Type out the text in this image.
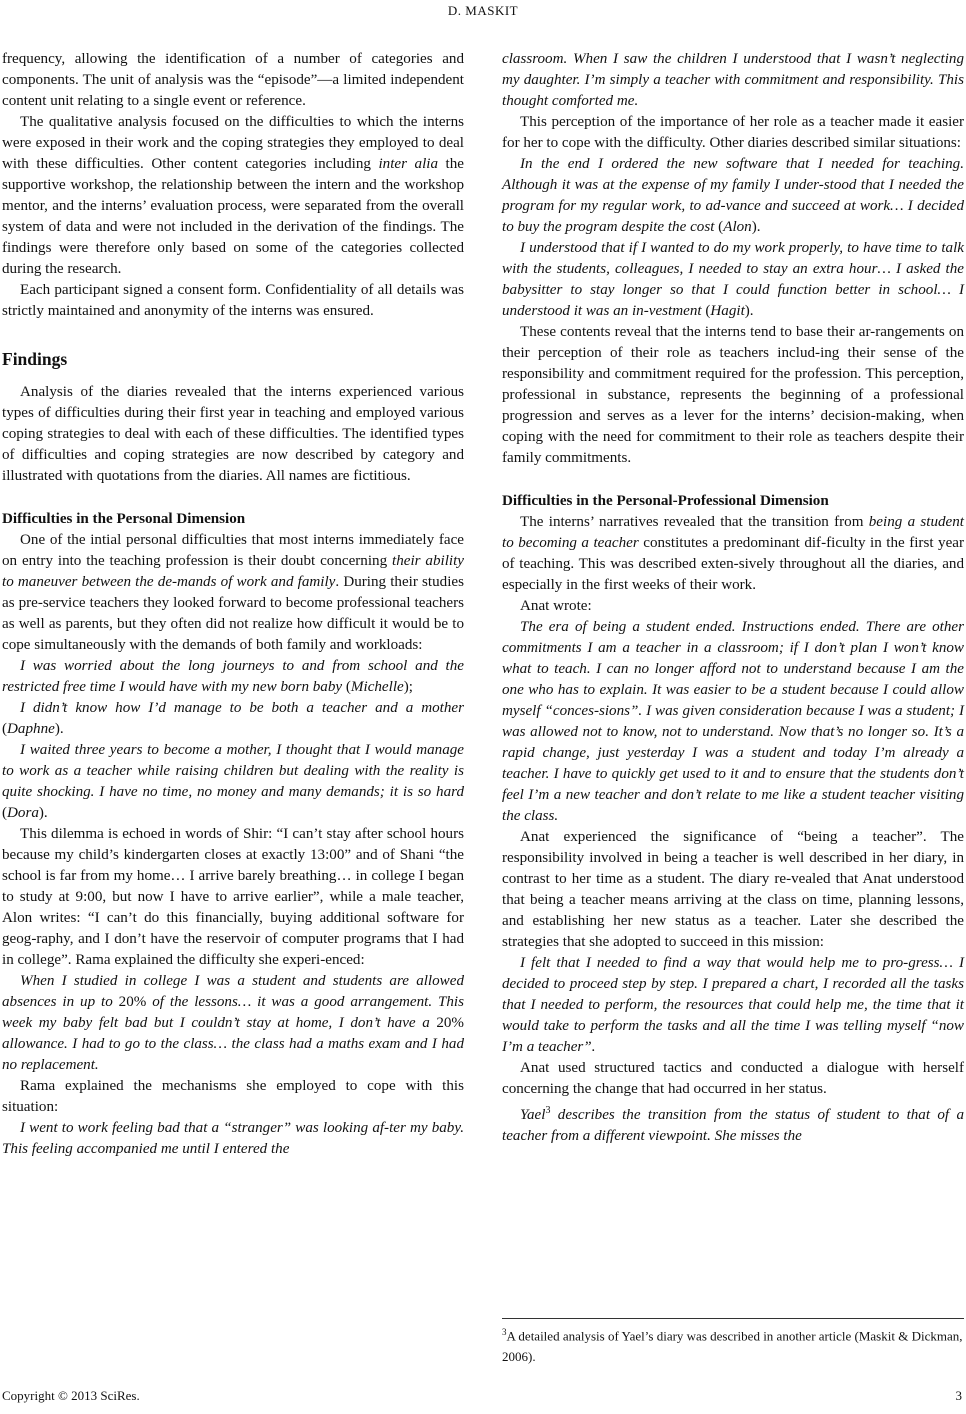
D. MASKIT

frequency, allowing the identification of a number of categories and components. The unit of analysis was the “episode”—a limited independent content unit relating to a single event or reference.

The qualitative analysis focused on the difficulties to which the interns were exposed in their work and the coping strategies they employed to deal with these difficulties. Other content categories including inter alia the supportive workshop, the relationship between the intern and the workshop mentor, and the interns’ evaluation process, were separated from the overall system of data and were not included in the derivation of the findings. The findings were therefore only based on some of the categories collected during the research.

Each participant signed a consent form. Confidentiality of all details was strictly maintained and anonymity of the interns was ensured.

Findings

Analysis of the diaries revealed that the interns experienced various types of difficulties during their first year in teaching and employed various coping strategies to deal with each of these difficulties. The identified types of difficulties and coping strategies are now described by category and illustrated with quotations from the diaries. All names are fictitious.

Difficulties in the Personal Dimension

One of the intial personal difficulties that most interns immediately face on entry into the teaching profession is their doubt concerning their ability to maneuver between the de-mands of work and family. During their studies as pre-service teachers they looked forward to become professional teachers as well as parents, but they often did not realize how difficult it would be to cope simultaneously with the demands of both family and workloads:

I was worried about the long journeys to and from school and the restricted free time I would have with my new born baby (Michelle);

I didn’t know how I’d manage to be both a teacher and a mother (Daphne).

I waited three years to become a mother, I thought that I would manage to work as a teacher while raising children but dealing with the reality is quite shocking. I have no time, no money and many demands; it is so hard (Dora).

This dilemma is echoed in words of Shir: “I can’t stay after school hours because my child’s kindergarten closes at exactly 13:00” and of Shani “the school is far from my home… I arrive barely breathing… in college I began to study at 9:00, but now I have to arrive earlier”, while a male teacher, Alon writes: “I can’t do this financially, buying additional software for geog-raphy, and I don’t have the reservoir of computer programs that I had in college”. Rama explained the difficulty she experi-enced:

When I studied in college I was a student and students are allowed absences in up to 20% of the lessons… it was a good arrangement. This week my baby felt bad but I couldn’t stay at home, I don’t have a 20% allowance. I had to go to the class… the class had a maths exam and I had no replacement.

Rama explained the mechanisms she employed to cope with this situation:

I went to work feeling bad that a “stranger” was looking af-ter my baby. This feeling accompanied me until I entered the

classroom. When I saw the children I understood that I wasn’t neglecting my daughter. I’m simply a teacher with commitment and responsibility. This thought comforted me.

This perception of the importance of her role as a teacher made it easier for her to cope with the difficulty. Other diaries described similar situations:

In the end I ordered the new software that I needed for teaching. Although it was at the expense of my family I under-stood that I needed the program for my regular work, to ad-vance and succeed at work… I decided to buy the program despite the cost (Alon).

I understood that if I wanted to do my work properly, to have time to talk with the students, colleagues, I needed to stay an extra hour… I asked the babysitter to stay longer so that I could function better in school… I understood it was an in-vestment (Hagit).

These contents reveal that the interns tend to base their ar-rangements on their perception of their role as teachers includ-ing their sense of the responsibility and commitment required for the profession. This perception, professional in substance, represents the beginning of a professional progression and serves as a lever for the interns’ decision-making, when coping with the need for commitment to their role as teachers despite their family commitments.

Difficulties in the Personal-Professional Dimension

The interns’ narratives revealed that the transition from being a student to becoming a teacher constitutes a predominant dif-ficulty in the first year of teaching. This was described exten-sively throughout all the diaries, and especially in the first weeks of their work.

Anat wrote:

The era of being a student ended. Instructions ended. There are other commitments I am a teacher in a classroom; if I don’t plan I won’t know what to teach. I can no longer afford not to understand because I am the one who has to explain. It was easier to be a student because I could allow myself “conces-sions”. I was given consideration because I was a student; I was allowed not to know, not to understand. Now that’s no longer so. It’s a rapid change, just yesterday I was a student and today I’m already a teacher. I have to quickly get used to it and to ensure that the students don’t feel I’m a new teacher and don’t relate to me like a student teacher visiting the class.

Anat experienced the significance of “being a teacher”. The responsibility involved in being a teacher is well described in her diary, in contrast to her time as a student. The diary re-vealed that Anat understood that being a teacher means arriving at the class on time, planning lessons, and establishing her new status as a teacher. Later she described the strategies that she adopted to succeed in this mission:

I felt that I needed to find a way that would help me to pro-gress… I decided to proceed step by step. I prepared a chart, I recorded all the tasks that I needed to perform, the resources that could help me, the time that it would take to perform the tasks and all the time I was telling myself “now I’m a teacher”.

Anat used structured tactics and conducted a dialogue with herself concerning the change that had occurred in her status.

Yael$^3$ describes the transition from the status of student to that of a teacher from a different viewpoint. She misses the

$^3$A detailed analysis of Yael’s diary was described in another article (Maskit & Dickman, 2006).
Copyright © 2013 SciRes.	3
